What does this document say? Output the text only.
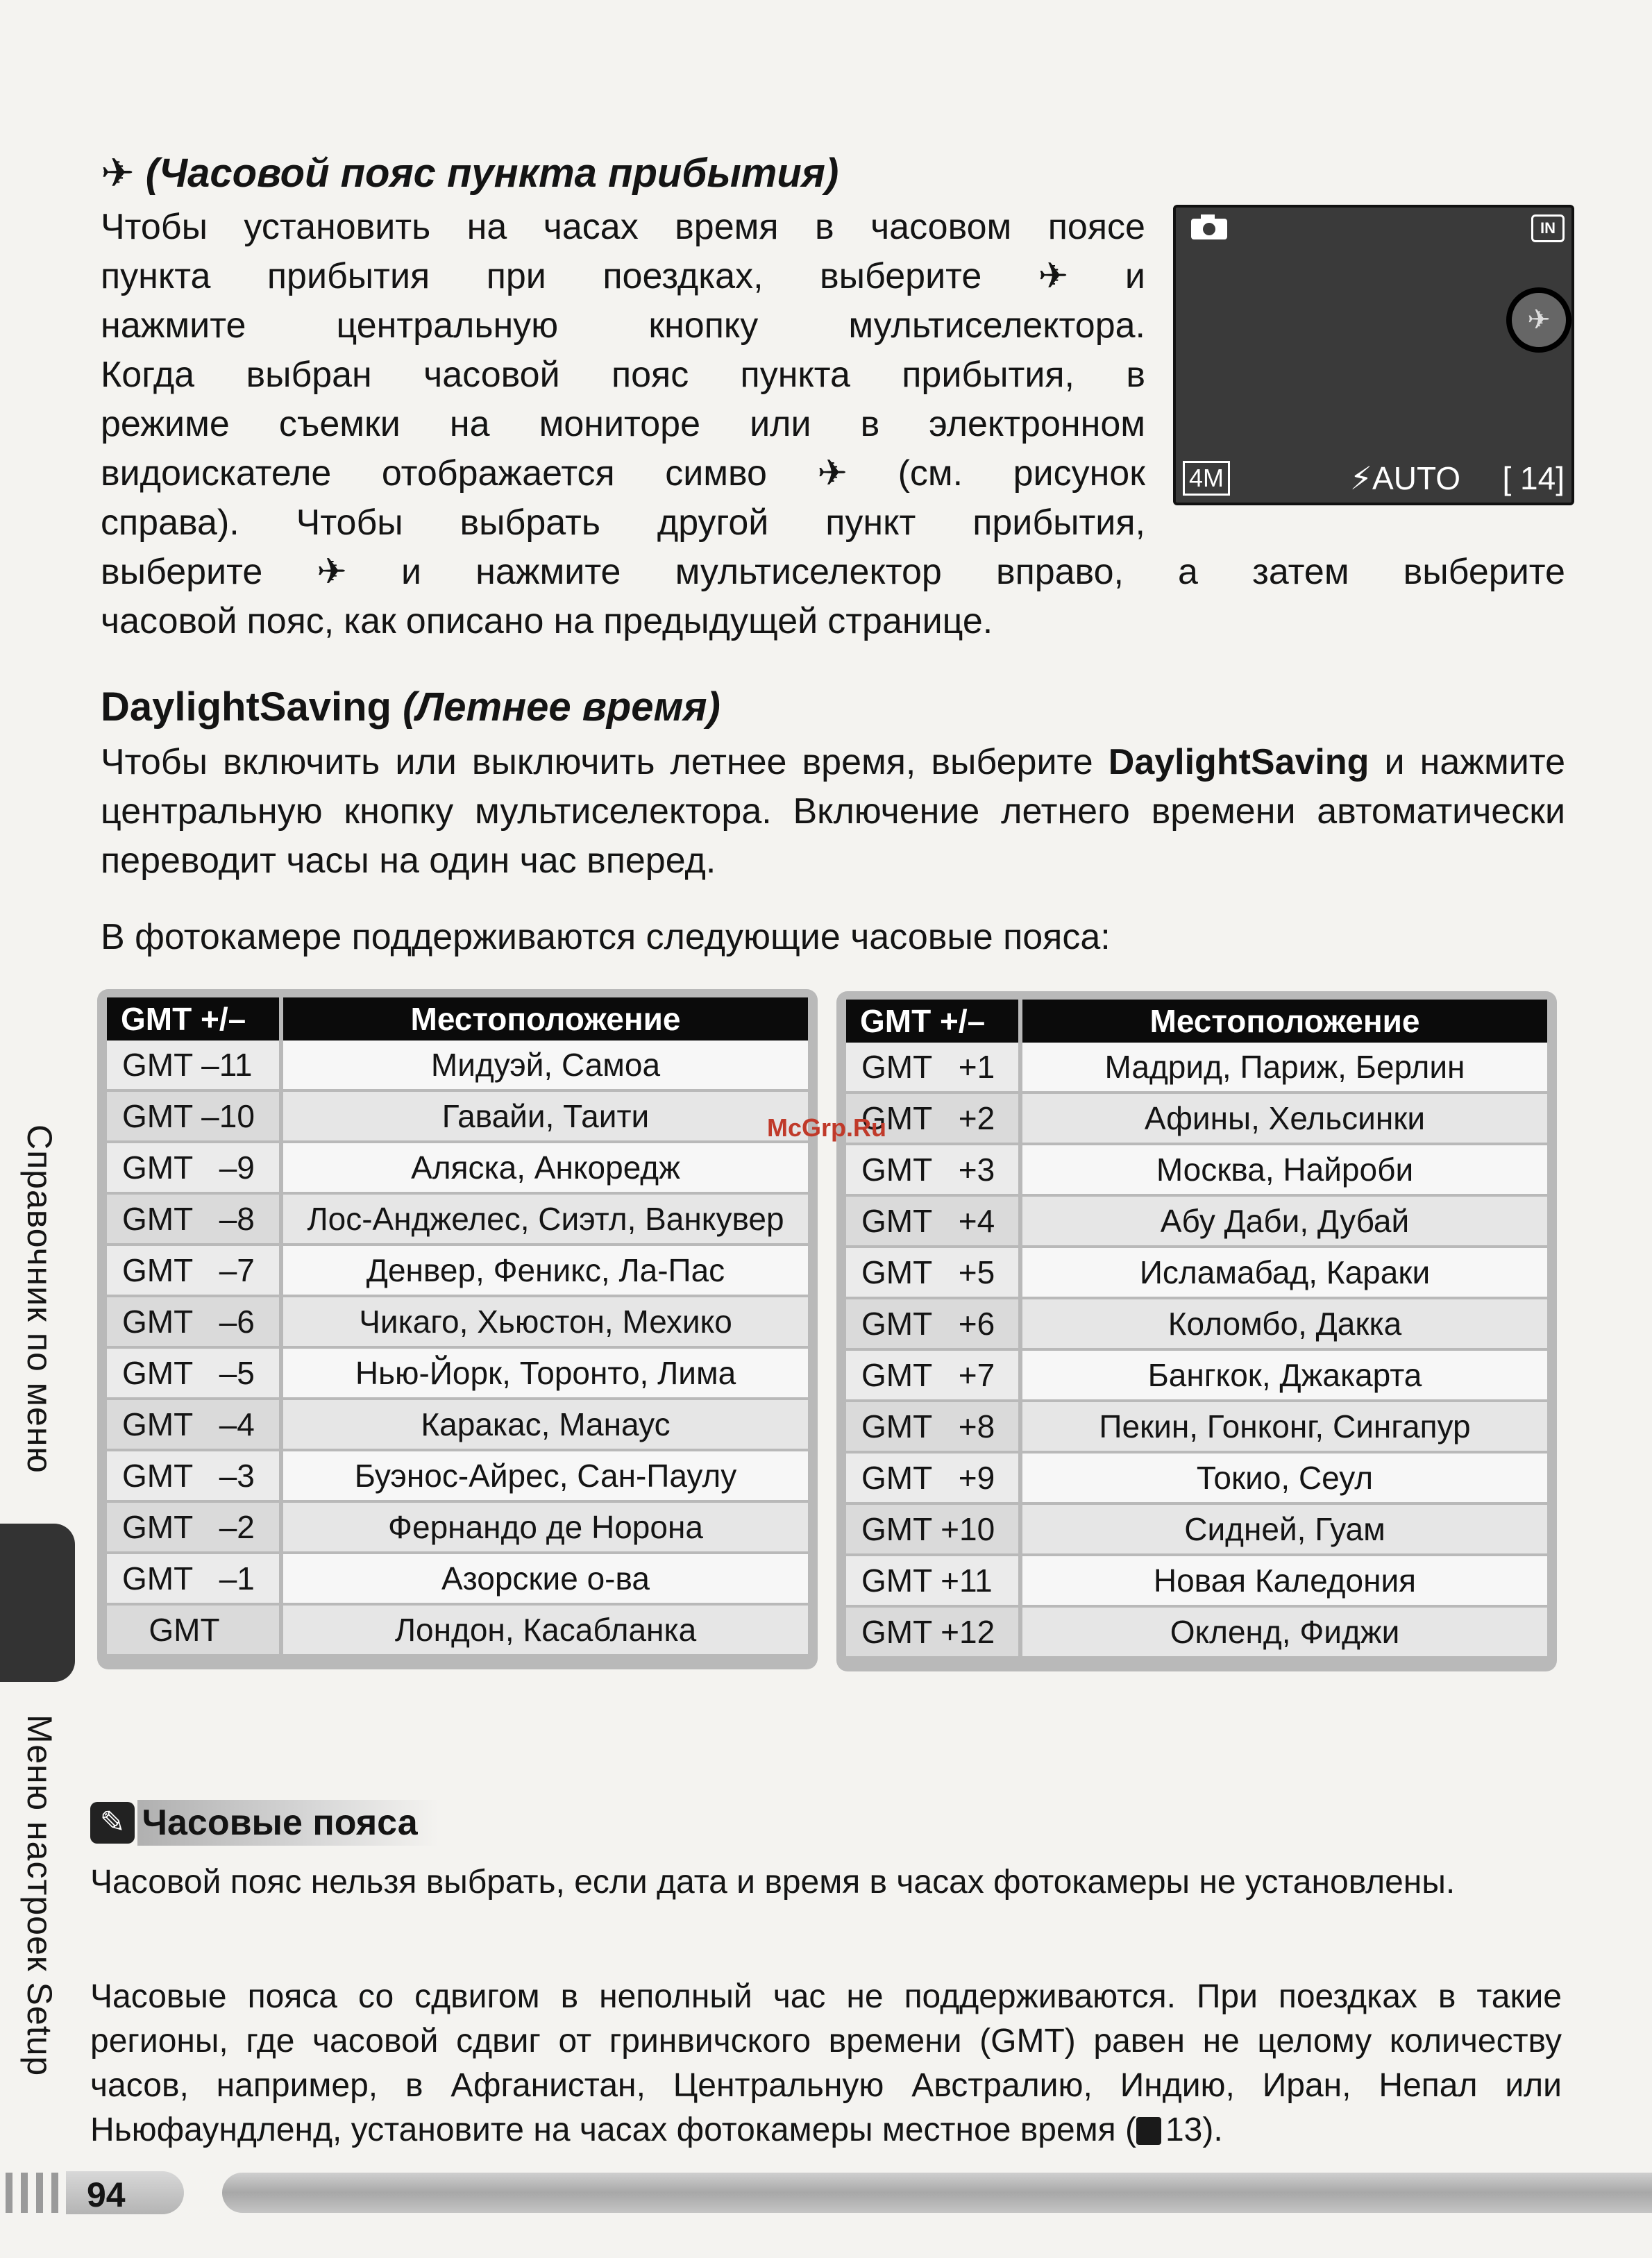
✈ (Часовой пояс пункта прибытия)
Чтобы установить на часах время в часовом поясе
пункта прибытия при поездках, выберите ✈ и
нажмите	центральную	кнопку	мультиселектора.
Когда выбран часовой пояс пункта прибытия, в
режиме съемки на мониторе или в электронном
видоискателе отображается симво ✈ (см. рисунок
справа). Чтобы выбрать другой пункт прибытия,
выберите ✈ и нажмите мультиселектор вправо, а затем выберите
часовой пояс, как описано на предыдущей странице.
IN
✈
4M	⚡AUTO [ 14]
DaylightSaving (Летнее время)
Чтобы включить или выключить летнее время, выберите DaylightSaving и нажмите центральную кнопку мультиселектора. Включение летнего времени автоматически переводит часы на один час вперед.
В фотокамере поддерживаются следующие часовые пояса:
GMT +/–	Местоположение
GMT –11	Мидуэй, Самоа
GMT –10	Гавайи, Таити
GMT   –9	Аляска, Анкоредж
GMT   –8	Лос-Анджелес, Сиэтл, Ванкувер
GMT   –7	Денвер, Феникс, Ла-Пас
GMT   –6	Чикаго, Хьюстон, Мехико
GMT   –5	Нью-Йорк, Торонто, Лима
GMT   –4	Каракас, Манаус
GMT   –3	Буэнос-Айрес, Сан-Паулу
GMT   –2	Фернандо де Норона
GMT   –1	Азорские о-ва
GMT	Лондон, Касабланка
GMT +/–	Местоположение
GMT   +1	Мадрид, Париж, Берлин
GMT   +2	Афины, Хельсинки
GMT   +3	Москва, Найроби
GMT   +4	Абу Даби, Дубай
GMT   +5	Исламабад, Караки
GMT   +6	Коломбо, Дакка
GMT   +7	Бангкок, Джакарта
GMT   +8	Пекин, Гонконг, Сингапур
GMT   +9	Токио, Сеул
GMT +10	Сидней, Гуам
GMT +11	Новая Каледония
GMT +12	Окленд, Фиджи
McGrp.Ru
✎ Часовые пояса
Часовой пояс нельзя выбрать, если дата и время в часах фотокамеры не установлены.
Часовые пояса со сдвигом в неполный час не поддерживаются. При поездках в такие регионы, где часовой сдвиг от гринвичского времени (GMT) равен не целому количеству часов, например, в Афганистан, Центральную Австралию, Индию, Иран, Непал или Ньюфаундленд, установите на часах фотокамеры местное время ( 13).
Справочник по меню
Меню настроек Setup
94
